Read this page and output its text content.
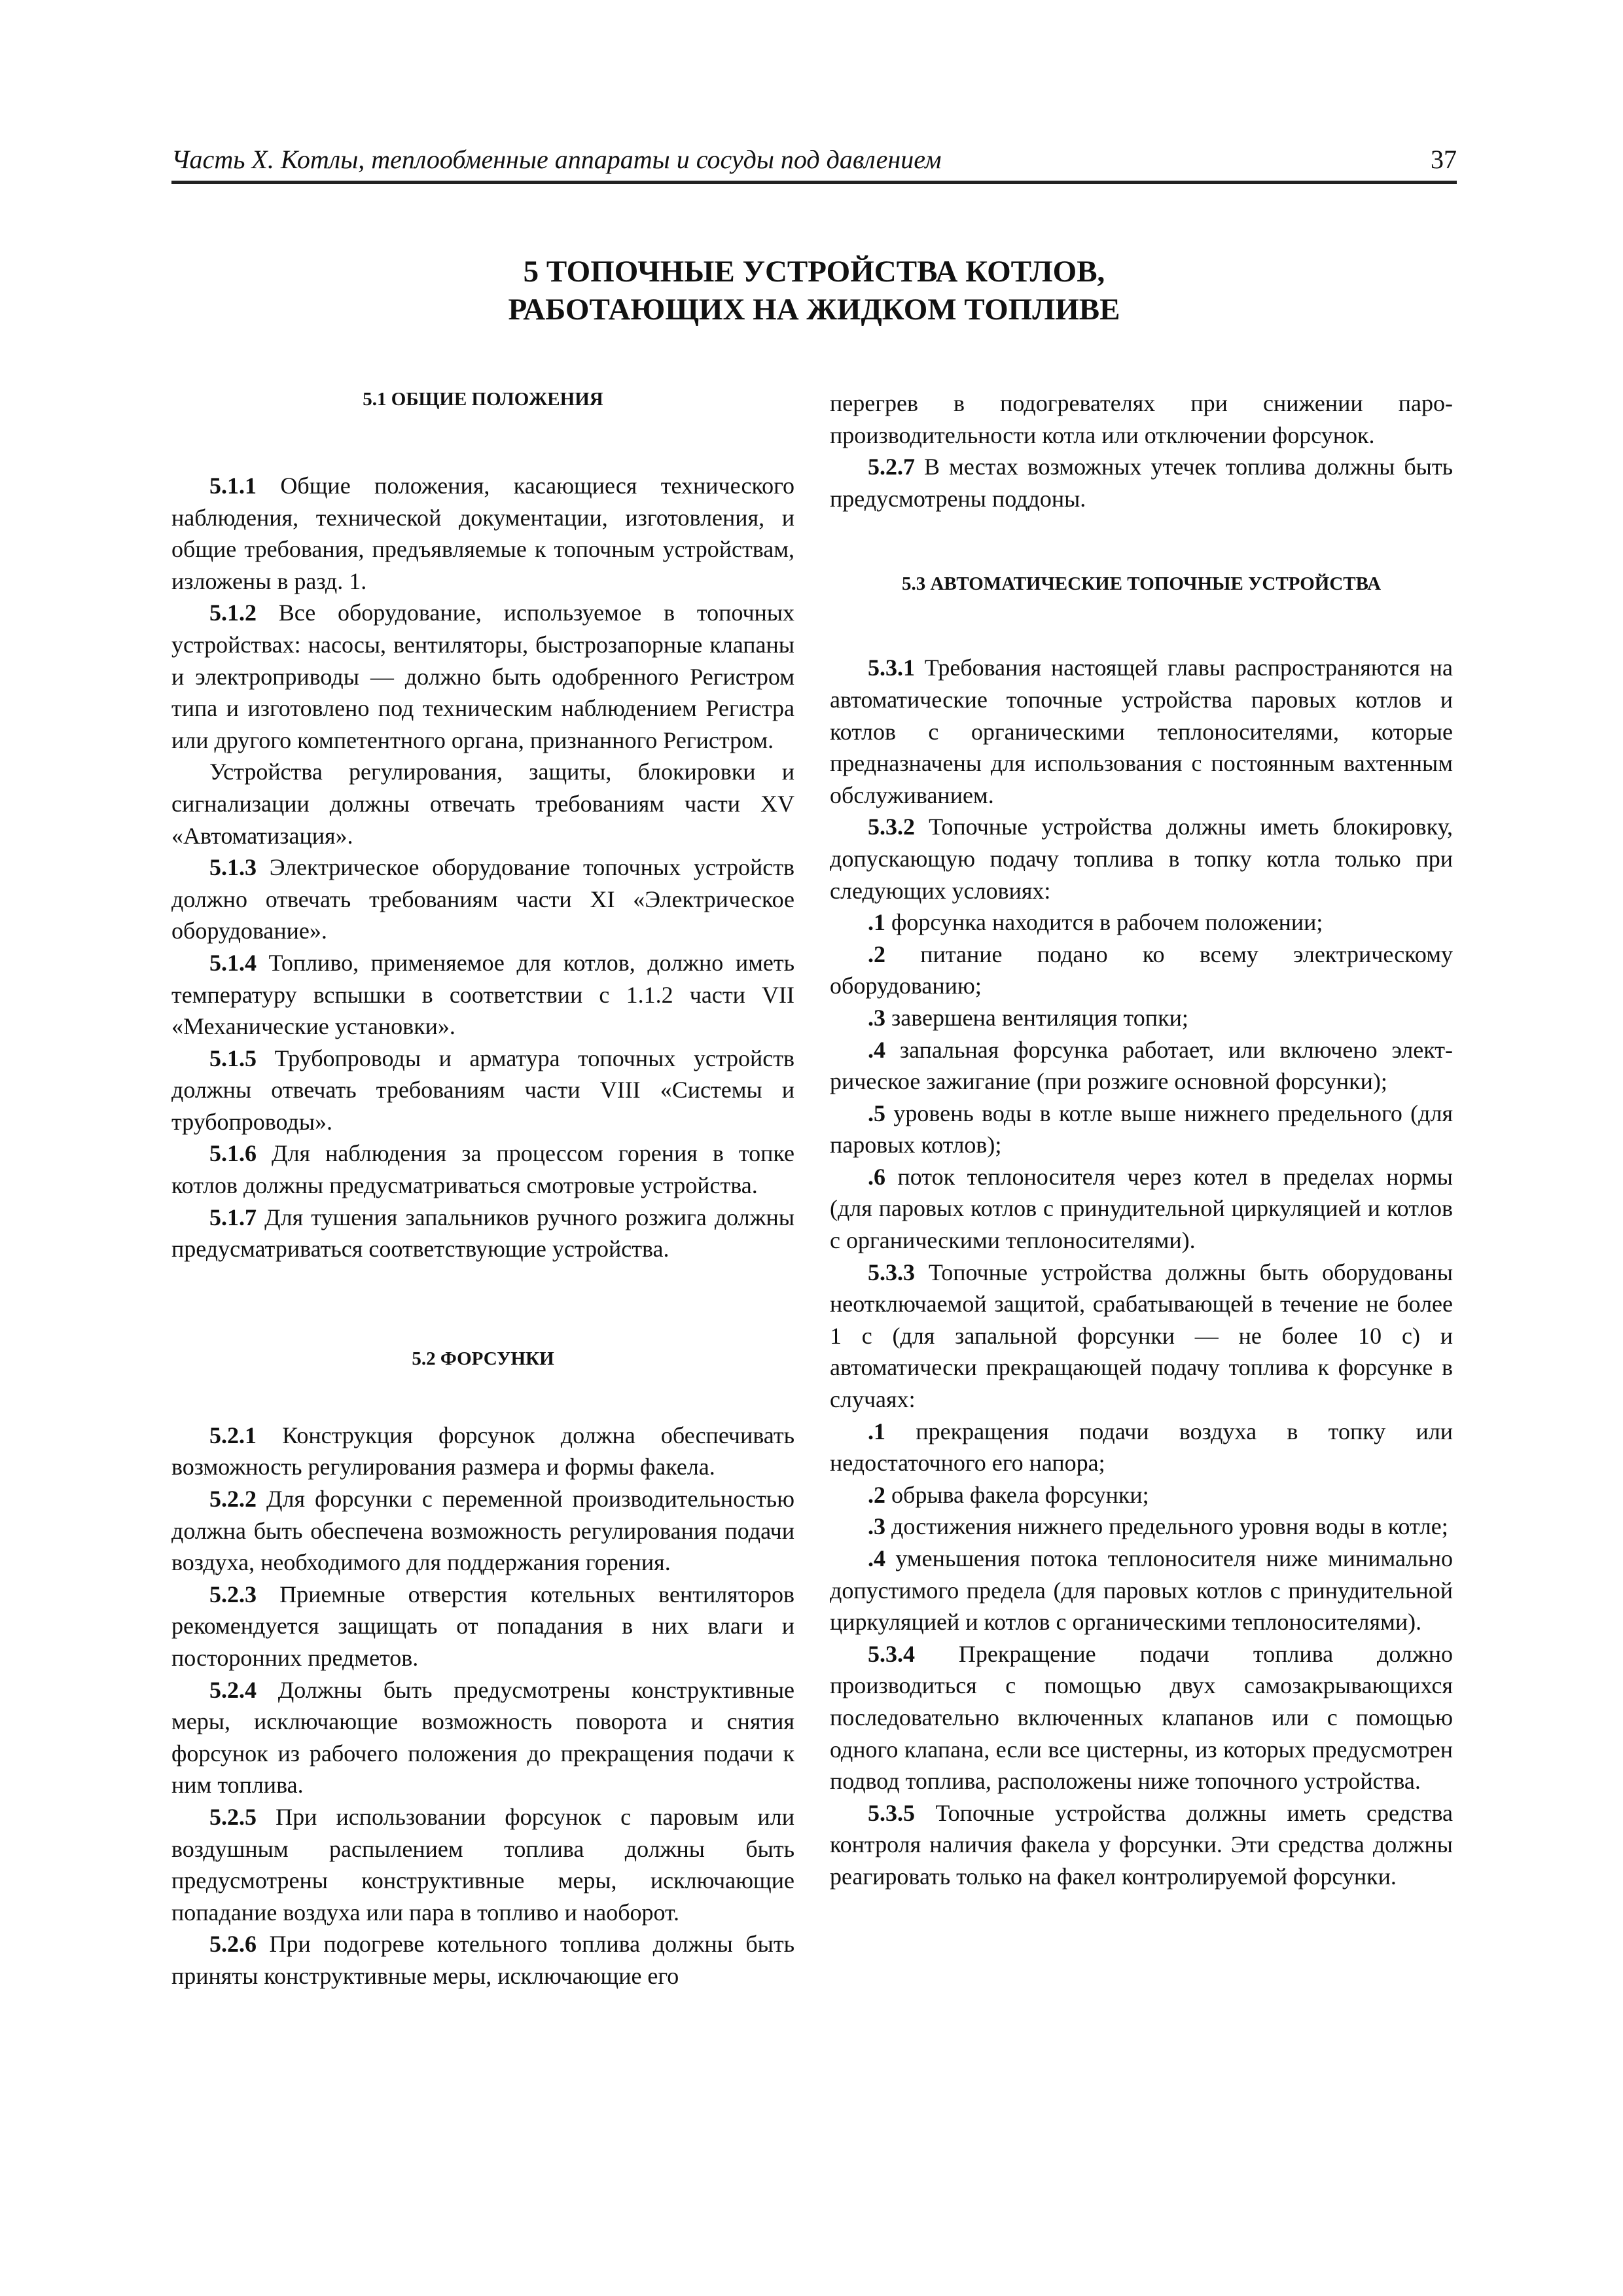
Часть X. Котлы, теплообменные аппараты и сосуды под давлением	37
5 ТОПОЧНЫЕ УСТРОЙСТВА КОТЛОВ,
РАБОТАЮЩИХ НА ЖИДКОМ ТОПЛИВЕ
5.1 ОБЩИЕ ПОЛОЖЕНИЯ
5.1.1 Общие положения, касающиеся технического наблюдения, технической документации, изготовления, и общие требования, предъявляемые к топочным устройствам, изложены в разд. 1.
5.1.2 Все оборудование, используемое в топочных устройствах: насосы, вентиляторы, быстрозапорные клапаны и электроприводы — должно быть одобренного Регистром типа и изготовлено под техническим наблюдением Регистра или другого компетентного органа, признанного Регистром.
Устройства регулирования, защиты, блокировки и сигнализации должны отвечать требованиям части XV «Автоматизация».
5.1.3 Электрическое оборудование топочных устройств должно отвечать требованиям части XI «Электрическое оборудование».
5.1.4 Топливо, применяемое для котлов, должно иметь температуру вспышки в соответствии с 1.1.2 части VII «Механические установки».
5.1.5 Трубопроводы и арматура топочных устройств должны отвечать требованиям части VIII «Системы и трубопроводы».
5.1.6 Для наблюдения за процессом горения в топке котлов должны предусматриваться смотровые устройства.
5.1.7 Для тушения запальников ручного розжига должны предусматриваться соответствующие устройства.
5.2 ФОРСУНКИ
5.2.1 Конструкция форсунок должна обеспечивать возможность регулирования размера и формы факела.
5.2.2 Для форсунки с переменной производительностью должна быть обеспечена возможность регулирования подачи воздуха, необходимого для поддержания горения.
5.2.3 Приемные отверстия котельных вентиляторов рекомендуется защищать от попадания в них влаги и посторонних предметов.
5.2.4 Должны быть предусмотрены конструктивные меры, исключающие возможность поворота и снятия форсунок из рабочего положения до прекращения подачи к ним топлива.
5.2.5 При использовании форсунок с паровым или воздушным распылением топлива должны быть предусмотрены конструктивные меры, исключающие попадание воздуха или пара в топливо и наоборот.
5.2.6 При подогреве котельного топлива должны быть приняты конструктивные меры, исключающие его
перегрев в подогревателях при снижении паропроизводительности котла или отключении форсунок.
5.2.7 В местах возможных утечек топлива должны быть предусмотрены поддоны.
5.3 АВТОМАТИЧЕСКИЕ ТОПОЧНЫЕ УСТРОЙСТВА
5.3.1 Требования настоящей главы распространяются на автоматические топочные устройства паровых котлов и котлов с органическими теплоносителями, которые предназначены для использования с постоянным вахтенным обслуживанием.
5.3.2 Топочные устройства должны иметь блокировку, допускающую подачу топлива в топку котла только при следующих условиях:
.1 форсунка находится в рабочем положении;
.2 питание подано ко всему электрическому оборудованию;
.3 завершена вентиляция топки;
.4 запальная форсунка работает, или включено электрическое зажигание (при розжиге основной форсунки);
.5 уровень воды в котле выше нижнего предельного (для паровых котлов);
.6 поток теплоносителя через котел в пределах нормы (для паровых котлов с принудительной циркуляцией и котлов с органическими теплоносителями).
5.3.3 Топочные устройства должны быть оборудованы неотключаемой защитой, срабатывающей в течение не более 1 с (для запальной форсунки — не более 10 с) и автоматически прекращающей подачу топлива к форсунке в случаях:
.1 прекращения подачи воздуха в топку или недостаточного его напора;
.2 обрыва факела форсунки;
.3 достижения нижнего предельного уровня воды в котле;
.4 уменьшения потока теплоносителя ниже минимально допустимого предела (для паровых котлов с принудительной циркуляцией и котлов с органическими теплоносителями).
5.3.4 Прекращение подачи топлива должно производиться с помощью двух самозакрывающихся последовательно включенных клапанов или с помощью одного клапана, если все цистерны, из которых предусмотрен подвод топлива, расположены ниже топочного устройства.
5.3.5 Топочные устройства должны иметь средства контроля наличия факела у форсунки. Эти средства должны реагировать только на факел контролируемой форсунки.
